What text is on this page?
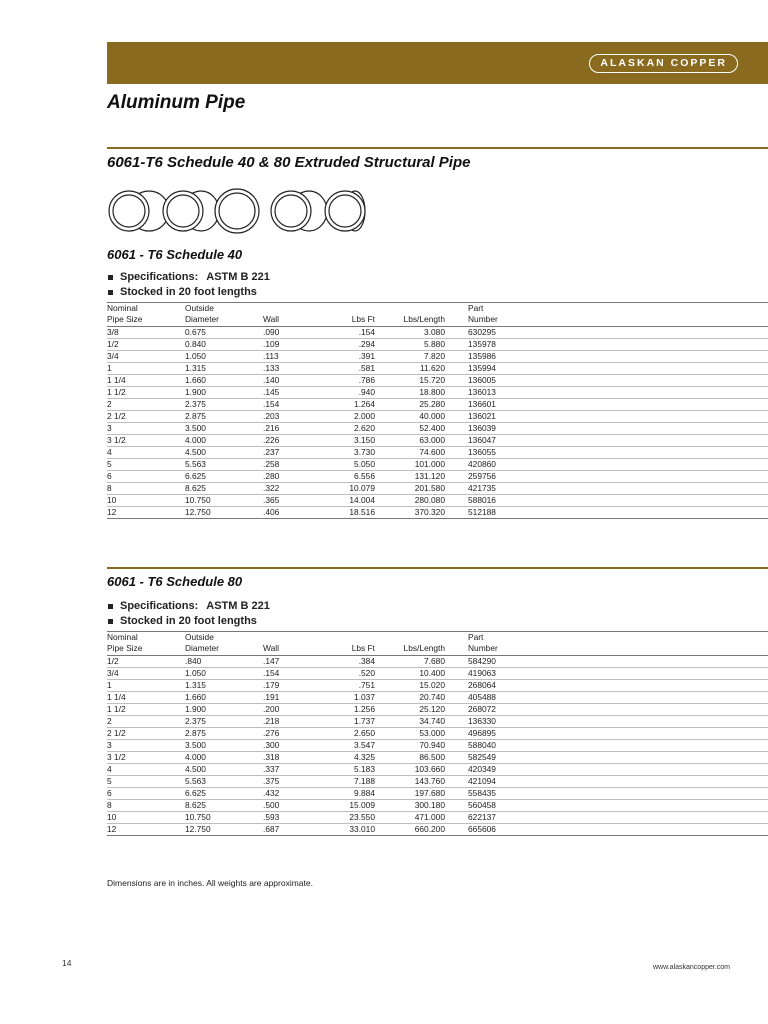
ALASKAN COPPER
Aluminum Pipe
6061-T6 Schedule 40 & 80 Extruded Structural Pipe
6061 - T6 Schedule 40
Specifications: ASTM B 221
Stocked in 20 foot lengths
Nominal
Pipe Size	Outside
Diameter	Wall	Lbs Ft	Lbs/Length		Part
Number
3/8	0.675	.090	.154	3.080		630295
1/2	0.840	.109	.294	5.880		135978
3/4	1.050	.113	.391	7.820		135986
1	1.315	.133	.581	11.620		135994
1 1/4	1.660	.140	.786	15.720		136005
1 1/2	1.900	.145	.940	18.800		136013
2	2.375	.154	1.264	25.280		136601
2 1/2	2.875	.203	2.000	40.000		136021
3	3.500	.216	2.620	52.400		136039
3 1/2	4.000	.226	3.150	63.000		136047
4	4.500	.237	3.730	74.600		136055
5	5.563	.258	5.050	101.000		420860
6	6.625	.280	6.556	131.120		259756
8	8.625	.322	10.079	201.580		421735
10	10.750	.365	14.004	280.080		588016
12	12.750	.406	18.516	370.320		512188
6061 - T6 Schedule 80
Specifications: ASTM B 221
Stocked in 20 foot lengths
Nominal
Pipe Size	Outside
Diameter	Wall	Lbs Ft	Lbs/Length		Part
Number
1/2	.840	.147	.384	7.680		584290
3/4	1.050	.154	.520	10.400		419063
1	1.315	.179	.751	15.020		268064
1 1/4	1.660	.191	1.037	20.740		405488
1 1/2	1.900	.200	1.256	25.120		268072
2	2.375	.218	1.737	34.740		136330
2 1/2	2.875	.276	2.650	53.000		496895
3	3.500	.300	3.547	70.940		588040
3 1/2	4.000	.318	4.325	86.500		582549
4	4.500	.337	5.183	103.660		420349
5	5.563	.375	7.188	143.760		421094
6	6.625	.432	9.884	197.680		558435
8	8.625	.500	15.009	300.180		560458
10	10.750	.593	23.550	471.000		622137
12	12.750	.687	33.010	660.200		665606
Dimensions are in inches. All weights are approximate.
14	www.alaskancopper.com
